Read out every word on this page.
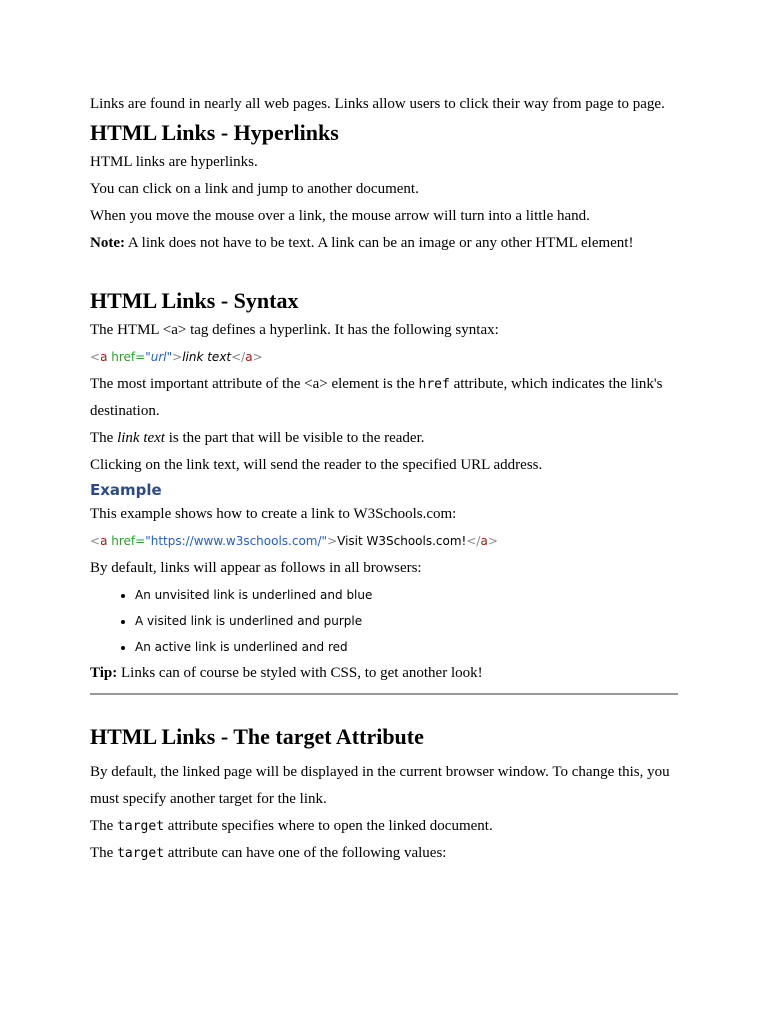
Links are found in nearly all web pages. Links allow users to click their way from page to page.

HTML Links - Hyperlinks

HTML links are hyperlinks.

You can click on a link and jump to another document.

When you move the mouse over a link, the mouse arrow will turn into a little hand.

Note: A link does not have to be text. A link can be an image or any other HTML element!

HTML Links - Syntax

The HTML <a> tag defines a hyperlink. It has the following syntax:

<a href="url">link text</a>

The most important attribute of the <a> element is the href attribute, which indicates the link's destination.

The link text is the part that will be visible to the reader.

Clicking on the link text, will send the reader to the specified URL address.

Example

This example shows how to create a link to W3Schools.com:

<a href="https://www.w3schools.com/">Visit W3Schools.com!</a>

By default, links will appear as follows in all browsers:

• An unvisited link is underlined and blue
• A visited link is underlined and purple
• An active link is underlined and red

Tip: Links can of course be styled with CSS, to get another look!

HTML Links - The target Attribute

By default, the linked page will be displayed in the current browser window. To change this, you must specify another target for the link.

The target attribute specifies where to open the linked document.

The target attribute can have one of the following values:
